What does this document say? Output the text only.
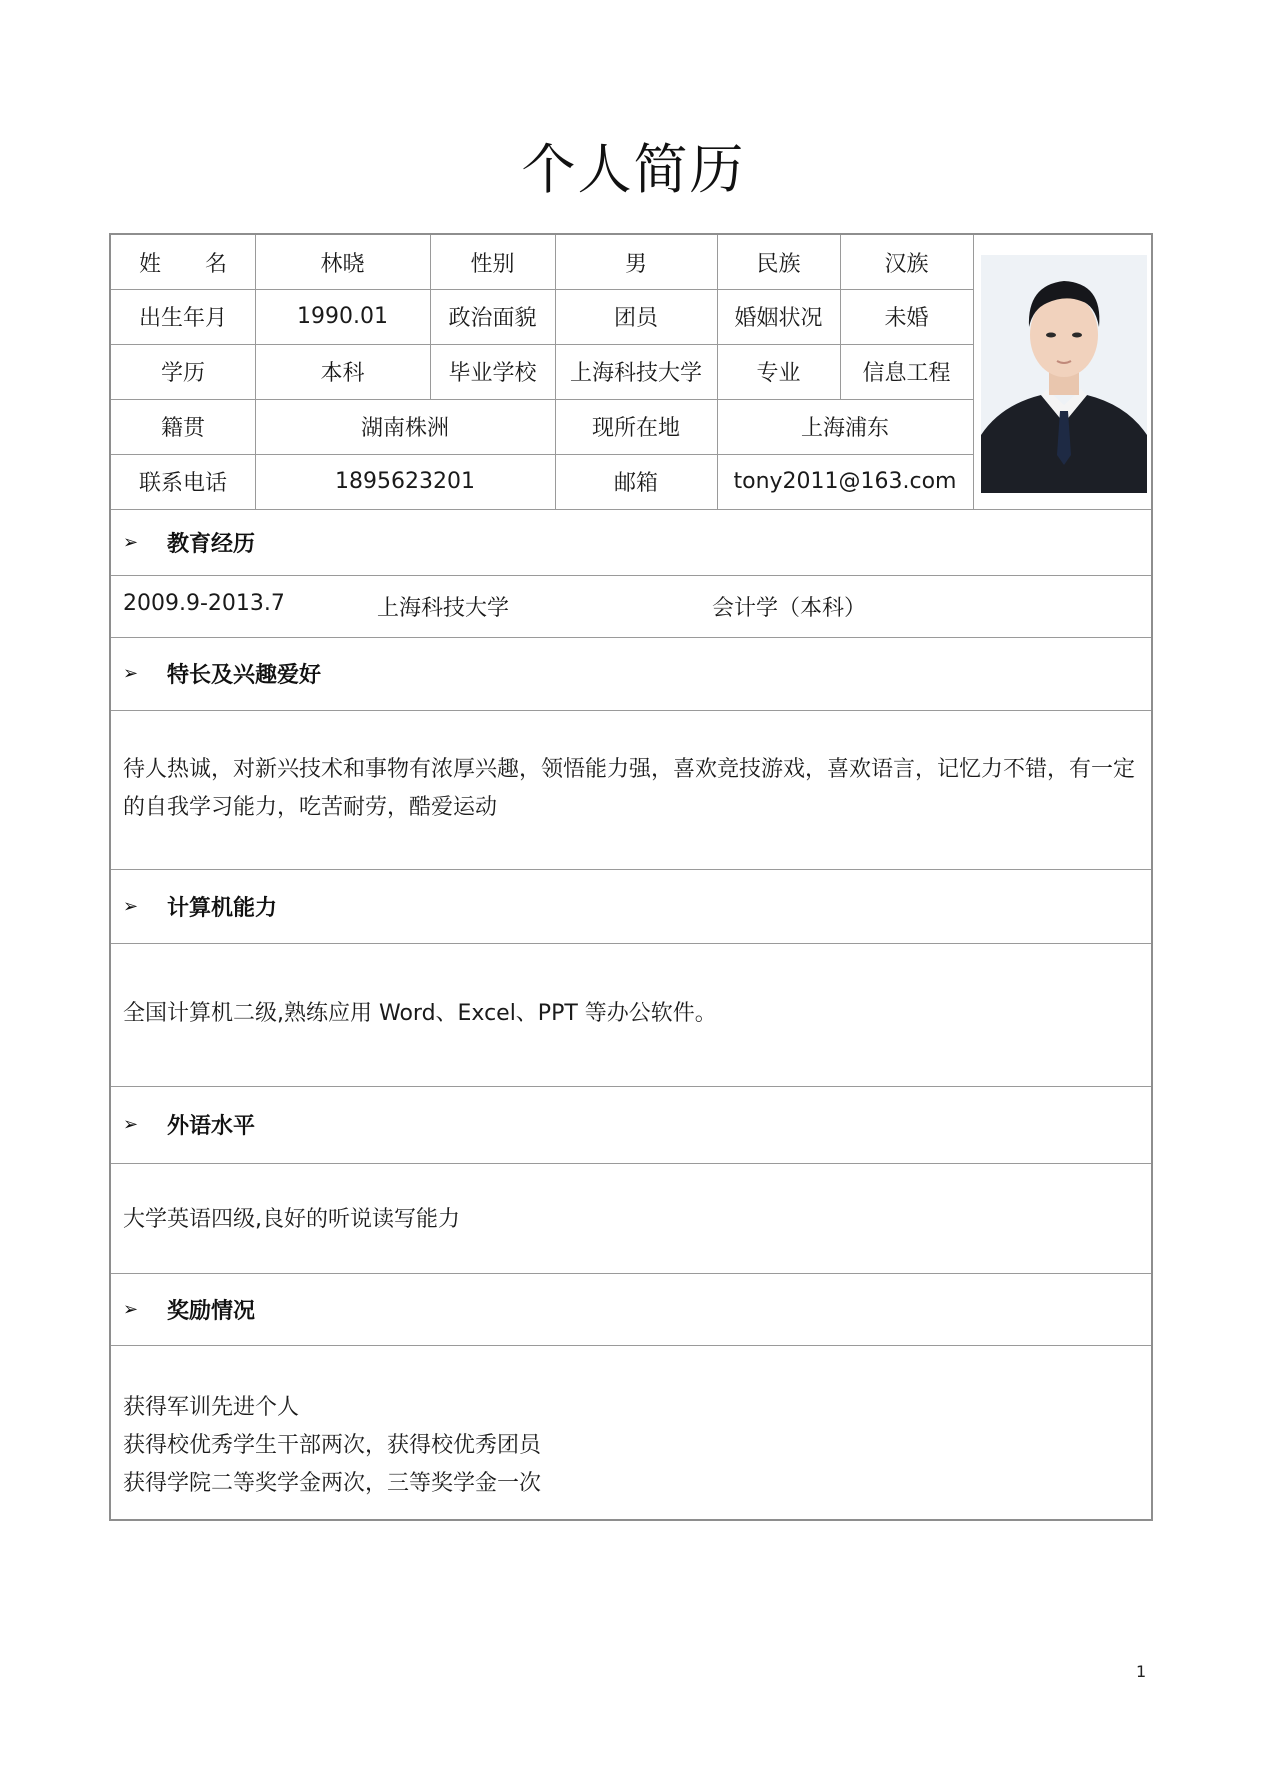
个人简历
姓 名	林晓	性别	男	民族	汉族
出生年月	1990.01	政治面貌	团员	婚姻状况	未婚
学历	本科	毕业学校	上海科技大学	专业	信息工程
籍贯	湖南株洲	现所在地	上海浦东
联系电话	1895623201	邮箱	tony2011@163.com
➢ 教育经历
2009.9-2013.7	上海科技大学	会计学（本科）
➢ 特长及兴趣爱好
待人热诚，对新兴技术和事物有浓厚兴趣，领悟能力强，喜欢竞技游戏，喜欢语言，记忆力不错，有一定
的自我学习能力，吃苦耐劳，酷爱运动
➢ 计算机能力
全国计算机二级,熟练应用 Word、Excel、PPT 等办公软件。
➢ 外语水平
大学英语四级,良好的听说读写能力
➢ 奖励情况
获得军训先进个人
获得校优秀学生干部两次，获得校优秀团员
获得学院二等奖学金两次，三等奖学金一次
1
